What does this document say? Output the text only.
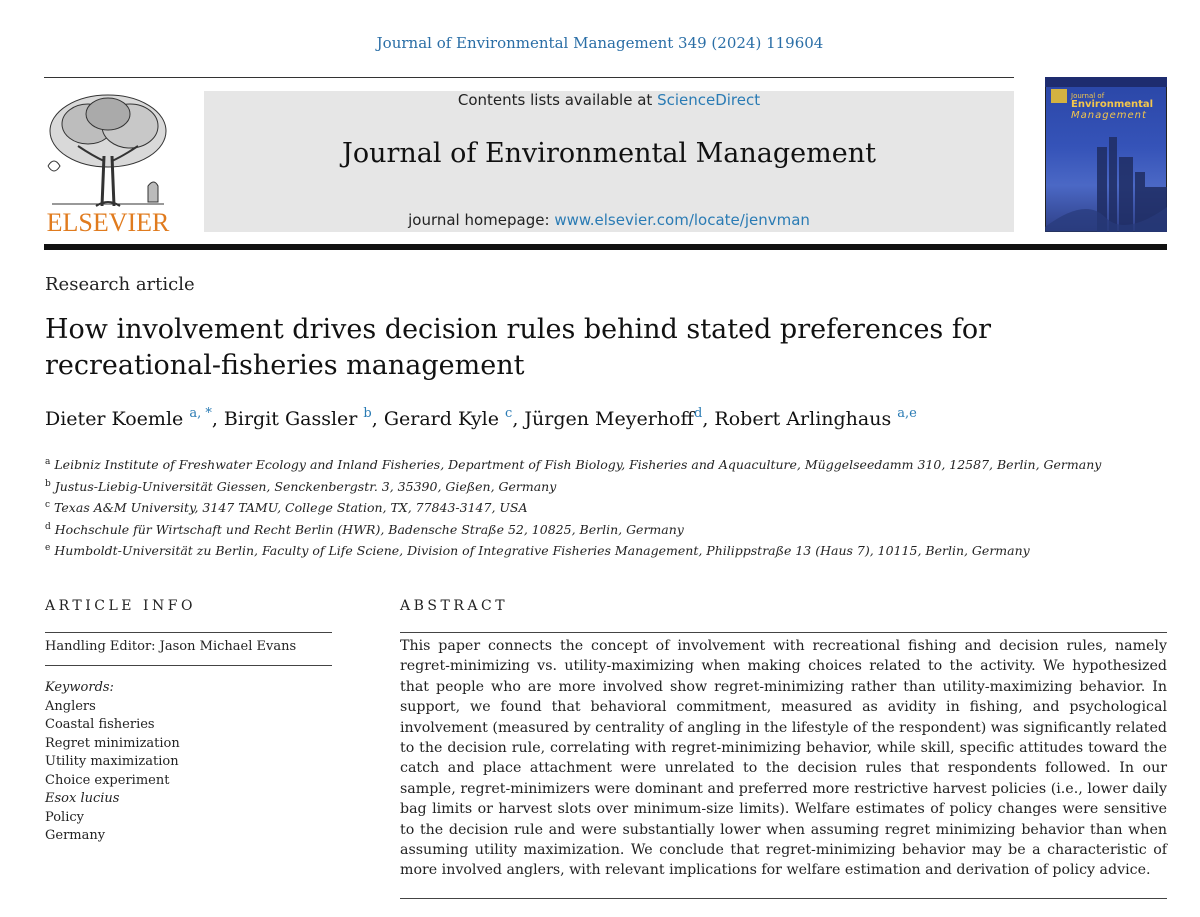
Journal of Environmental Management 349 (2024) 119604
ELSEVIER
Contents lists available at ScienceDirect
Journal of Environmental Management
journal homepage: www.elsevier.com/locate/jenvman
Journal of
Environmental
Management
Research article
How involvement drives decision rules behind stated preferences for recreational-fisheries management
Dieter Koemle $^{a, *}$, Birgit Gassler $^b$, Gerard Kyle $^c$, Jürgen Meyerhoff$^d$, Robert Arlinghaus $^{a,e}$
$^a$ Leibniz Institute of Freshwater Ecology and Inland Fisheries, Department of Fish Biology, Fisheries and Aquaculture, Müggelseedamm 310, 12587, Berlin, Germany
$^b$ Justus-Liebig-Universität Giessen, Senckenbergstr. 3, 35390, Gießen, Germany
$^c$ Texas A&M University, 3147 TAMU, College Station, TX, 77843-3147, USA
$^d$ Hochschule für Wirtschaft und Recht Berlin (HWR), Badensche Straße 52, 10825, Berlin, Germany
$^e$ Humboldt-Universität zu Berlin, Faculty of Life Sciene, Division of Integrative Fisheries Management, Philippstraße 13 (Haus 7), 10115, Berlin, Germany
ARTICLE INFO
Handling Editor: Jason Michael Evans
Keywords:
Anglers
Coastal fisheries
Regret minimization
Utility maximization
Choice experiment
Esox lucius
Policy
Germany
ABSTRACT
This paper connects the concept of involvement with recreational fishing and decision rules, namely regret-minimizing vs. utility-maximizing when making choices related to the activity. We hypothesized that people who are more involved show regret-minimizing rather than utility-maximizing behavior. In support, we found that behavioral commitment, measured as avidity in fishing, and psychological involvement (measured by centrality of angling in the lifestyle of the respondent) was significantly related to the decision rule, correlating with regret-minimizing behavior, while skill, specific attitudes toward the catch and place attachment were unrelated to the decision rules that respondents followed. In our sample, regret-minimizers were dominant and preferred more restrictive harvest policies (i.e., lower daily bag limits or harvest slots over minimum-size limits). Welfare estimates of policy changes were sensitive to the decision rule and were substantially lower when assuming regret minimizing behavior than when assuming utility maximization. We conclude that regret-minimizing behavior may be a characteristic of more involved anglers, with relevant implications for welfare estimation and derivation of policy advice.
